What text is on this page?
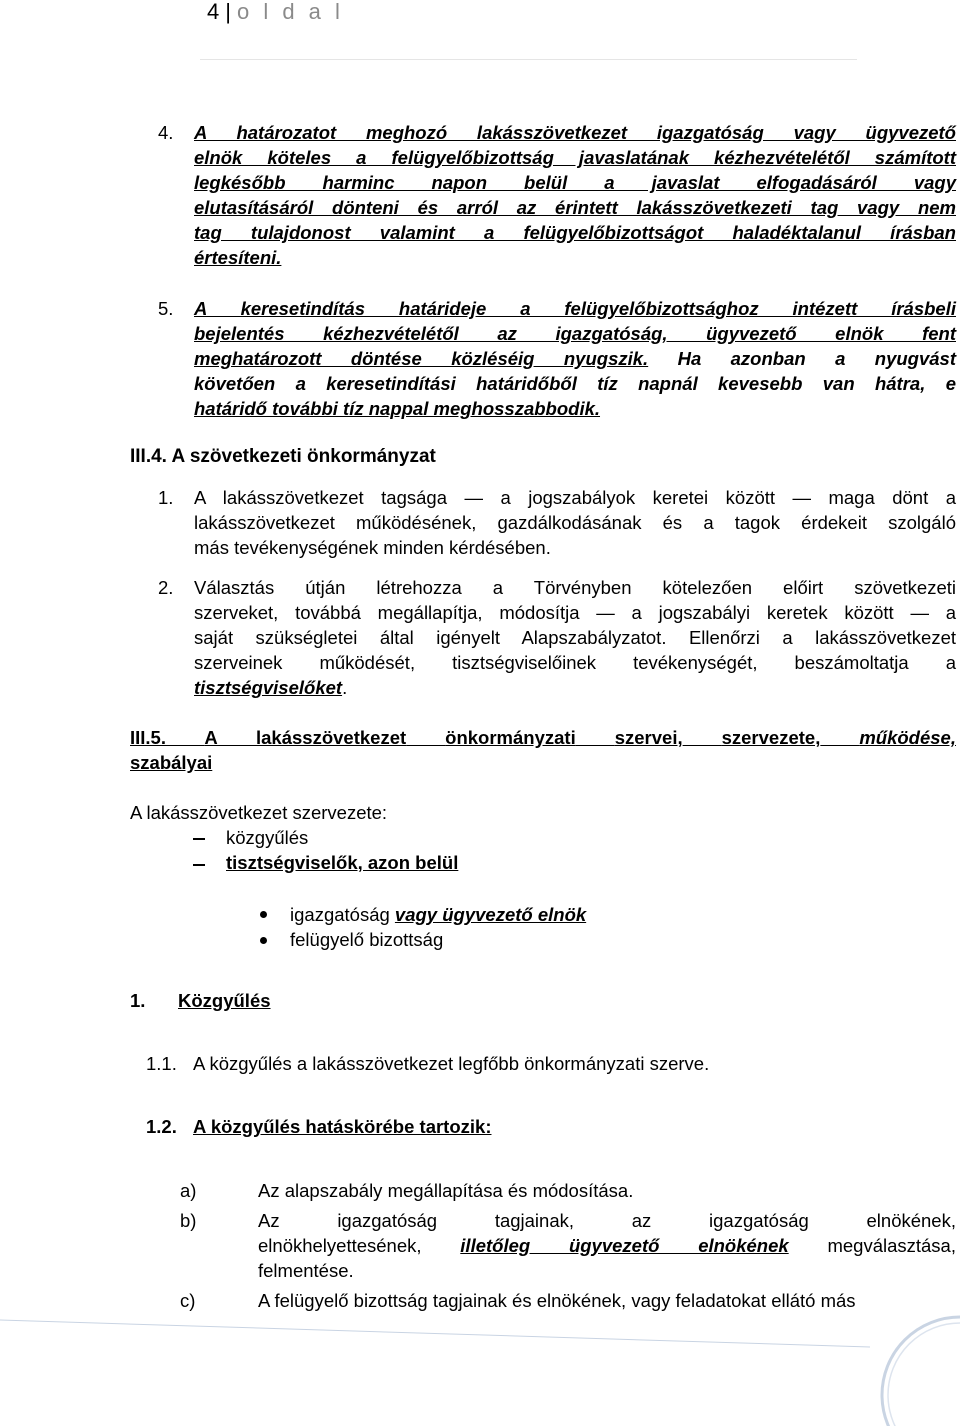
4 | o l d a l
4. A határozatot meghozó lakásszövetkezet igazgatóság vagy ügyvezető
elnök köteles a felügyelőbizottság javaslatának kézhezvételétől számított
legkésőbb harminc napon belül a javaslat elfogadásáról vagy
elutasításáról dönteni és arról az érintett lakásszövetkezeti tag vagy nem
tag tulajdonost valamint a felügyelőbizottságot haladéktalanul írásban
értesíteni.
5. A keresetindítás határideje a felügyelőbizottsághoz intézett írásbeli
bejelentés kézhezvételétől az igazgatóság, ügyvezető elnök fent
meghatározott döntése közléséig nyugszik. Ha azonban a nyugvást
követően a keresetindítási határidőből tíz napnál kevesebb van hátra, e
határidő további tíz nappal meghosszabbodik.
III.4. A szövetkezeti önkormányzat
1. A lakásszövetkezet tagsága — a jogszabályok keretei között — maga dönt a
lakásszövetkezet működésének, gazdálkodásának és a tagok érdekeit szolgáló
más tevékenységének minden kérdésében.
2. Választás útján létrehozza a Törvényben kötelezően előirt szövetkezeti
szerveket, továbbá megállapítja, módosítja — a jogszabályi keretek között — a
saját szükségletei által igényelt Alapszabályzatot. Ellenőrzi a lakásszövetkezet
szerveinek működését, tisztségviselőinek tevékenységét, beszámoltatja a
tisztségviselőket.
III.5. A lakásszövetkezet önkormányzati szervei, szervezete, működése,
szabályai
A lakásszövetkezet szervezete:
közgyűlés
tisztségviselők, azon belül
igazgatóság vagy ügyvezető elnök
felügyelő bizottság
1. Közgyűlés
1.1. A közgyűlés a lakásszövetkezet legfőbb önkormányzati szerve.
1.2. A közgyűlés hatáskörébe tartozik:
a)	Az alapszabály megállapítása és módosítása.
b)	Az igazgatóság tagjainak, az igazgatóság elnökének,
elnökhelyettesének, illetőleg ügyvezető elnökének megválasztása,
felmentése.
c)	A felügyelő bizottság tagjainak és elnökének, vagy feladatokat ellátó más
